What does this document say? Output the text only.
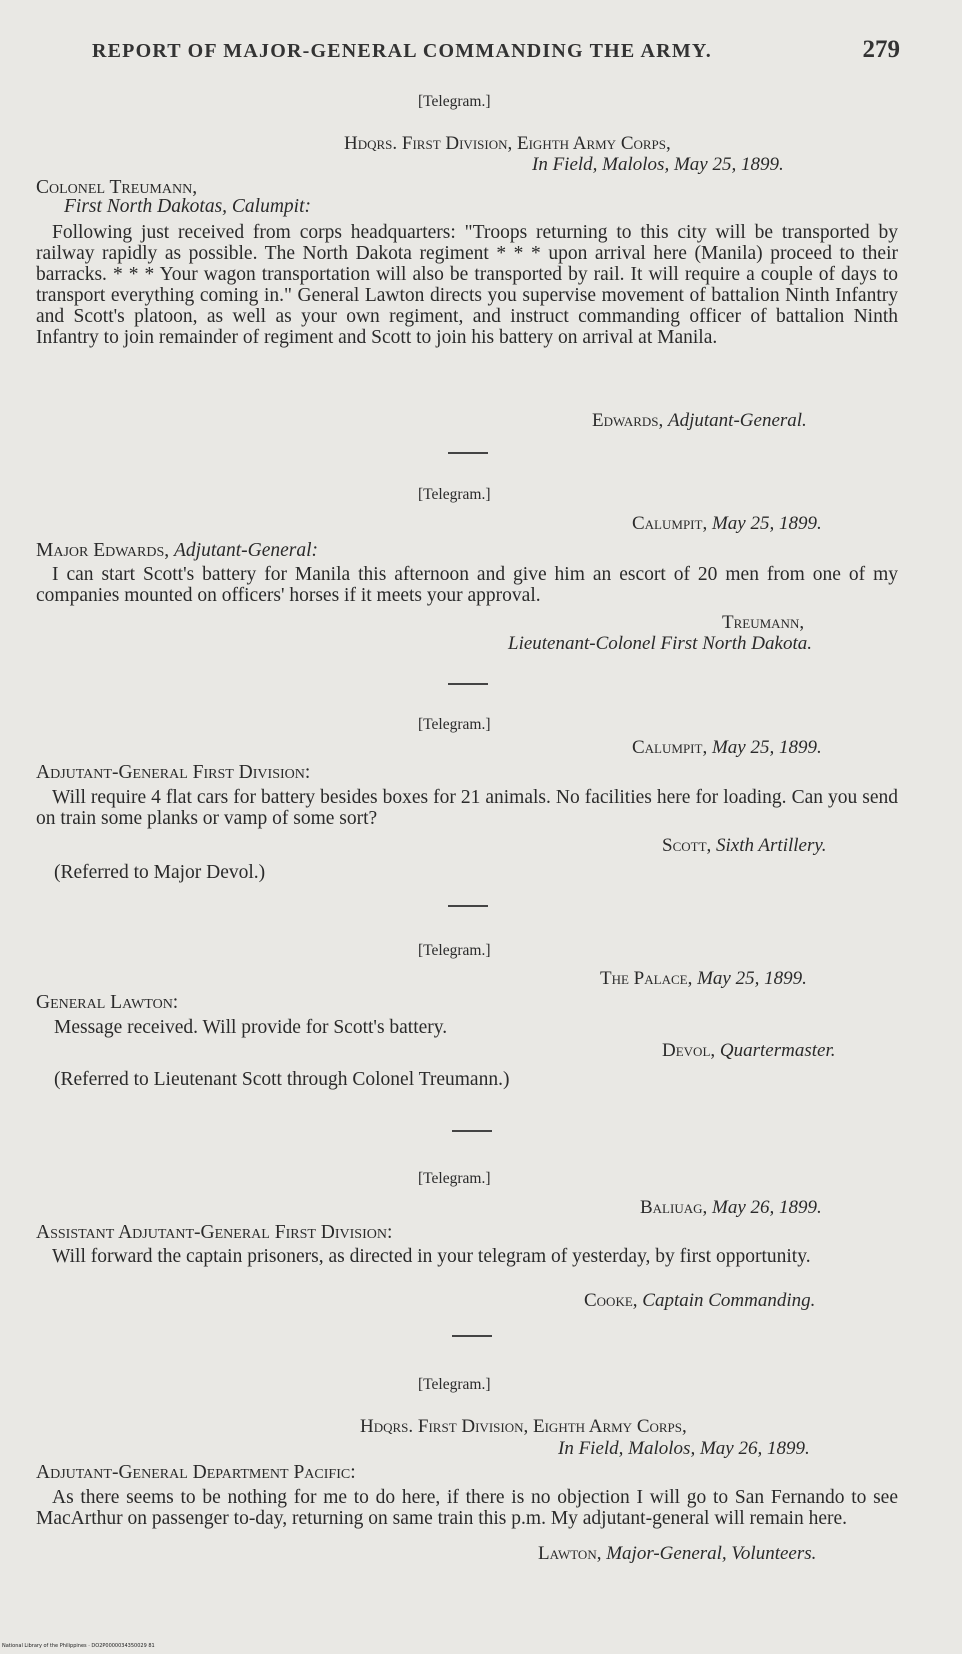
REPORT OF MAJOR-GENERAL COMMANDING THE ARMY.	279
[Telegram.]
Hdqrs. First Division, Eighth Army Corps,
In Field, Malolos, May 25, 1899.
Colonel Treumann,
First North Dakotas, Calumpit:
Following just received from corps headquarters: "Troops returning to this city will be transported by railway rapidly as possible. The North Dakota regiment * * * upon arrival here (Manila) proceed to their barracks. * * * Your wagon transportation will also be transported by rail. It will require a couple of days to transport everything coming in." General Lawton directs you supervise movement of battalion Ninth Infantry and Scott's platoon, as well as your own regiment, and instruct commanding officer of battalion Ninth Infantry to join remainder of regiment and Scott to join his battery on arrival at Manila.
Edwards, Adjutant-General.
[Telegram.]
Calumpit, May 25, 1899.
Major Edwards, Adjutant-General:
I can start Scott's battery for Manila this afternoon and give him an escort of 20 men from one of my companies mounted on officers' horses if it meets your approval.
Treumann,
Lieutenant-Colonel First North Dakota.
[Telegram.]
Calumpit, May 25, 1899.
Adjutant-General First Division:
Will require 4 flat cars for battery besides boxes for 21 animals. No facilities here for loading. Can you send on train some planks or vamp of some sort?
Scott, Sixth Artillery.
(Referred to Major Devol.)
[Telegram.]
The Palace, May 25, 1899.
General Lawton:
Message received. Will provide for Scott's battery.
Devol, Quartermaster.
(Referred to Lieutenant Scott through Colonel Treumann.)
[Telegram.]
Baliuag, May 26, 1899.
Assistant Adjutant-General First Division:
Will forward the captain prisoners, as directed in your telegram of yesterday, by first opportunity.
Cooke, Captain Commanding.
[Telegram.]
Hdqrs. First Division, Eighth Army Corps,
In Field, Malolos, May 26, 1899.
Adjutant-General Department Pacific:
As there seems to be nothing for me to do here, if there is no objection I will go to San Fernando to see MacArthur on passenger to-day, returning on same train this p.m. My adjutant-general will remain here.
Lawton, Major-General, Volunteers.
National Library of the Philippines · DO2P0000034350029 81
